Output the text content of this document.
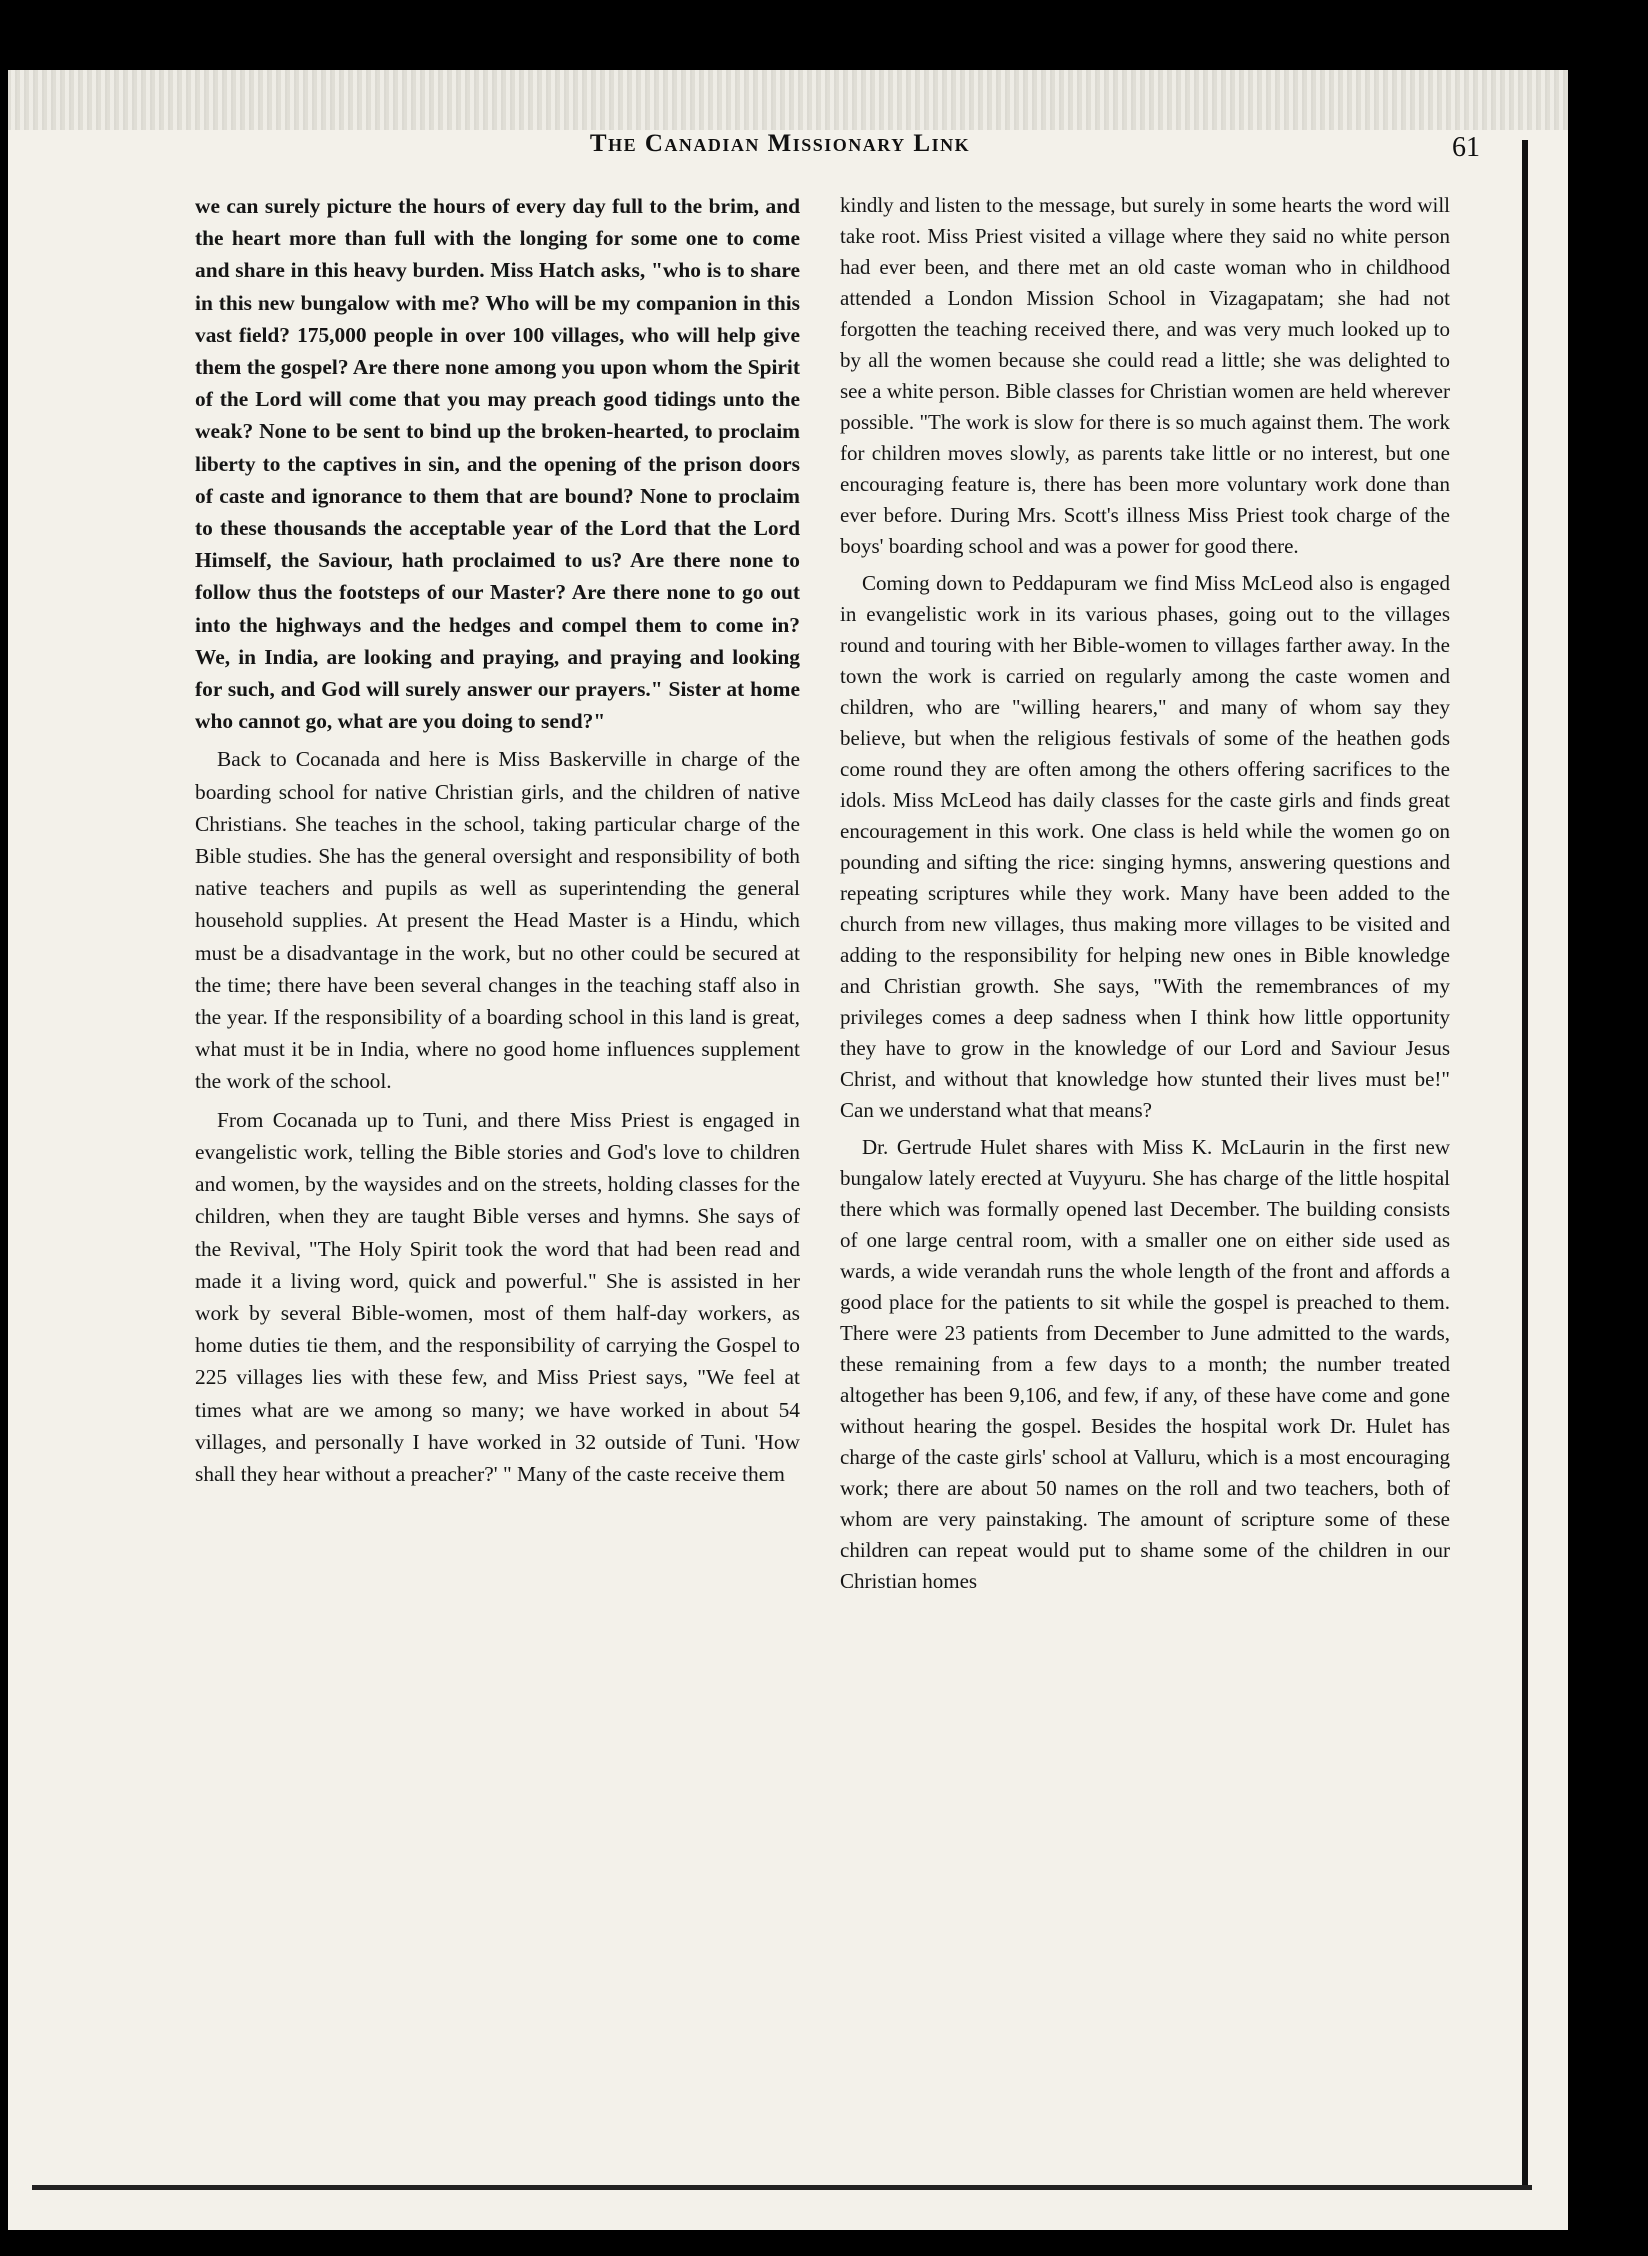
The Canadian Missionary Link	61

we can surely picture the hours of every day full to the brim, and the heart more than full with the longing for some one to come and share in this heavy burden. Miss Hatch asks, "who is to share in this new bungalow with me? Who will be my companion in this vast field? 175,000 people in over 100 villages, who will help give them the gospel? Are there none among you upon whom the Spirit of the Lord will come that you may preach good tidings unto the weak? None to be sent to bind up the broken-hearted, to proclaim liberty to the captives in sin, and the opening of the prison doors of caste and ignorance to them that are bound? None to proclaim to these thousands the acceptable year of the Lord that the Lord Himself, the Saviour, hath proclaimed to us? Are there none to follow thus the footsteps of our Master? Are there none to go out into the highways and the hedges and compel them to come in? We, in India, are looking and praying, and praying and looking for such, and God will surely answer our prayers." Sister at home who cannot go, what are you doing to send?"

Back to Cocanada and here is Miss Baskerville in charge of the boarding school for native Christian girls, and the children of native Christians. She teaches in the school, taking particular charge of the Bible studies. She has the general oversight and responsibility of both native teachers and pupils as well as superintending the general household supplies. At present the Head Master is a Hindu, which must be a disadvantage in the work, but no other could be secured at the time; there have been several changes in the teaching staff also in the year. If the responsibility of a boarding school in this land is great, what must it be in India, where no good home influences supplement the work of the school.

From Cocanada up to Tuni, and there Miss Priest is engaged in evangelistic work, telling the Bible stories and God's love to children and women, by the waysides and on the streets, holding classes for the children, when they are taught Bible verses and hymns. She says of the Revival, "The Holy Spirit took the word that had been read and made it a living word, quick and powerful." She is assisted in her work by several Bible-women, most of them half-day workers, as home duties tie them, and the responsibility of carrying the Gospel to 225 villages lies with these few, and Miss Priest says, "We feel at times what are we among so many; we have worked in about 54 villages, and personally I have worked in 32 outside of Tuni. 'How shall they hear without a preacher?' " Many of the caste receive them

kindly and listen to the message, but surely in some hearts the word will take root. Miss Priest visited a village where they said no white person had ever been, and there met an old caste woman who in childhood attended a London Mission School in Vizagapatam; she had not forgotten the teaching received there, and was very much looked up to by all the women because she could read a little; she was delighted to see a white person. Bible classes for Christian women are held wherever possible. "The work is slow for there is so much against them. The work for children moves slowly, as parents take little or no interest, but one encouraging feature is, there has been more voluntary work done than ever before. During Mrs. Scott's illness Miss Priest took charge of the boys' boarding school and was a power for good there.

Coming down to Peddapuram we find Miss McLeod also is engaged in evangelistic work in its various phases, going out to the villages round and touring with her Bible-women to villages farther away. In the town the work is carried on regularly among the caste women and children, who are "willing hearers," and many of whom say they believe, but when the religious festivals of some of the heathen gods come round they are often among the others offering sacrifices to the idols. Miss McLeod has daily classes for the caste girls and finds great encouragement in this work. One class is held while the women go on pounding and sifting the rice: singing hymns, answering questions and repeating scriptures while they work. Many have been added to the church from new villages, thus making more villages to be visited and adding to the responsibility for helping new ones in Bible knowledge and Christian growth. She says, "With the remembrances of my privileges comes a deep sadness when I think how little opportunity they have to grow in the knowledge of our Lord and Saviour Jesus Christ, and without that knowledge how stunted their lives must be!" Can we understand what that means?

Dr. Gertrude Hulet shares with Miss K. McLaurin in the first new bungalow lately erected at Vuyyuru. She has charge of the little hospital there which was formally opened last December. The building consists of one large central room, with a smaller one on either side used as wards, a wide verandah runs the whole length of the front and affords a good place for the patients to sit while the gospel is preached to them. There were 23 patients from December to June admitted to the wards, these remaining from a few days to a month; the number treated altogether has been 9,106, and few, if any, of these have come and gone without hearing the gospel. Besides the hospital work Dr. Hulet has charge of the caste girls' school at Valluru, which is a most encouraging work; there are about 50 names on the roll and two teachers, both of whom are very painstaking. The amount of scripture some of these children can repeat would put to shame some of the children in our Christian homes
